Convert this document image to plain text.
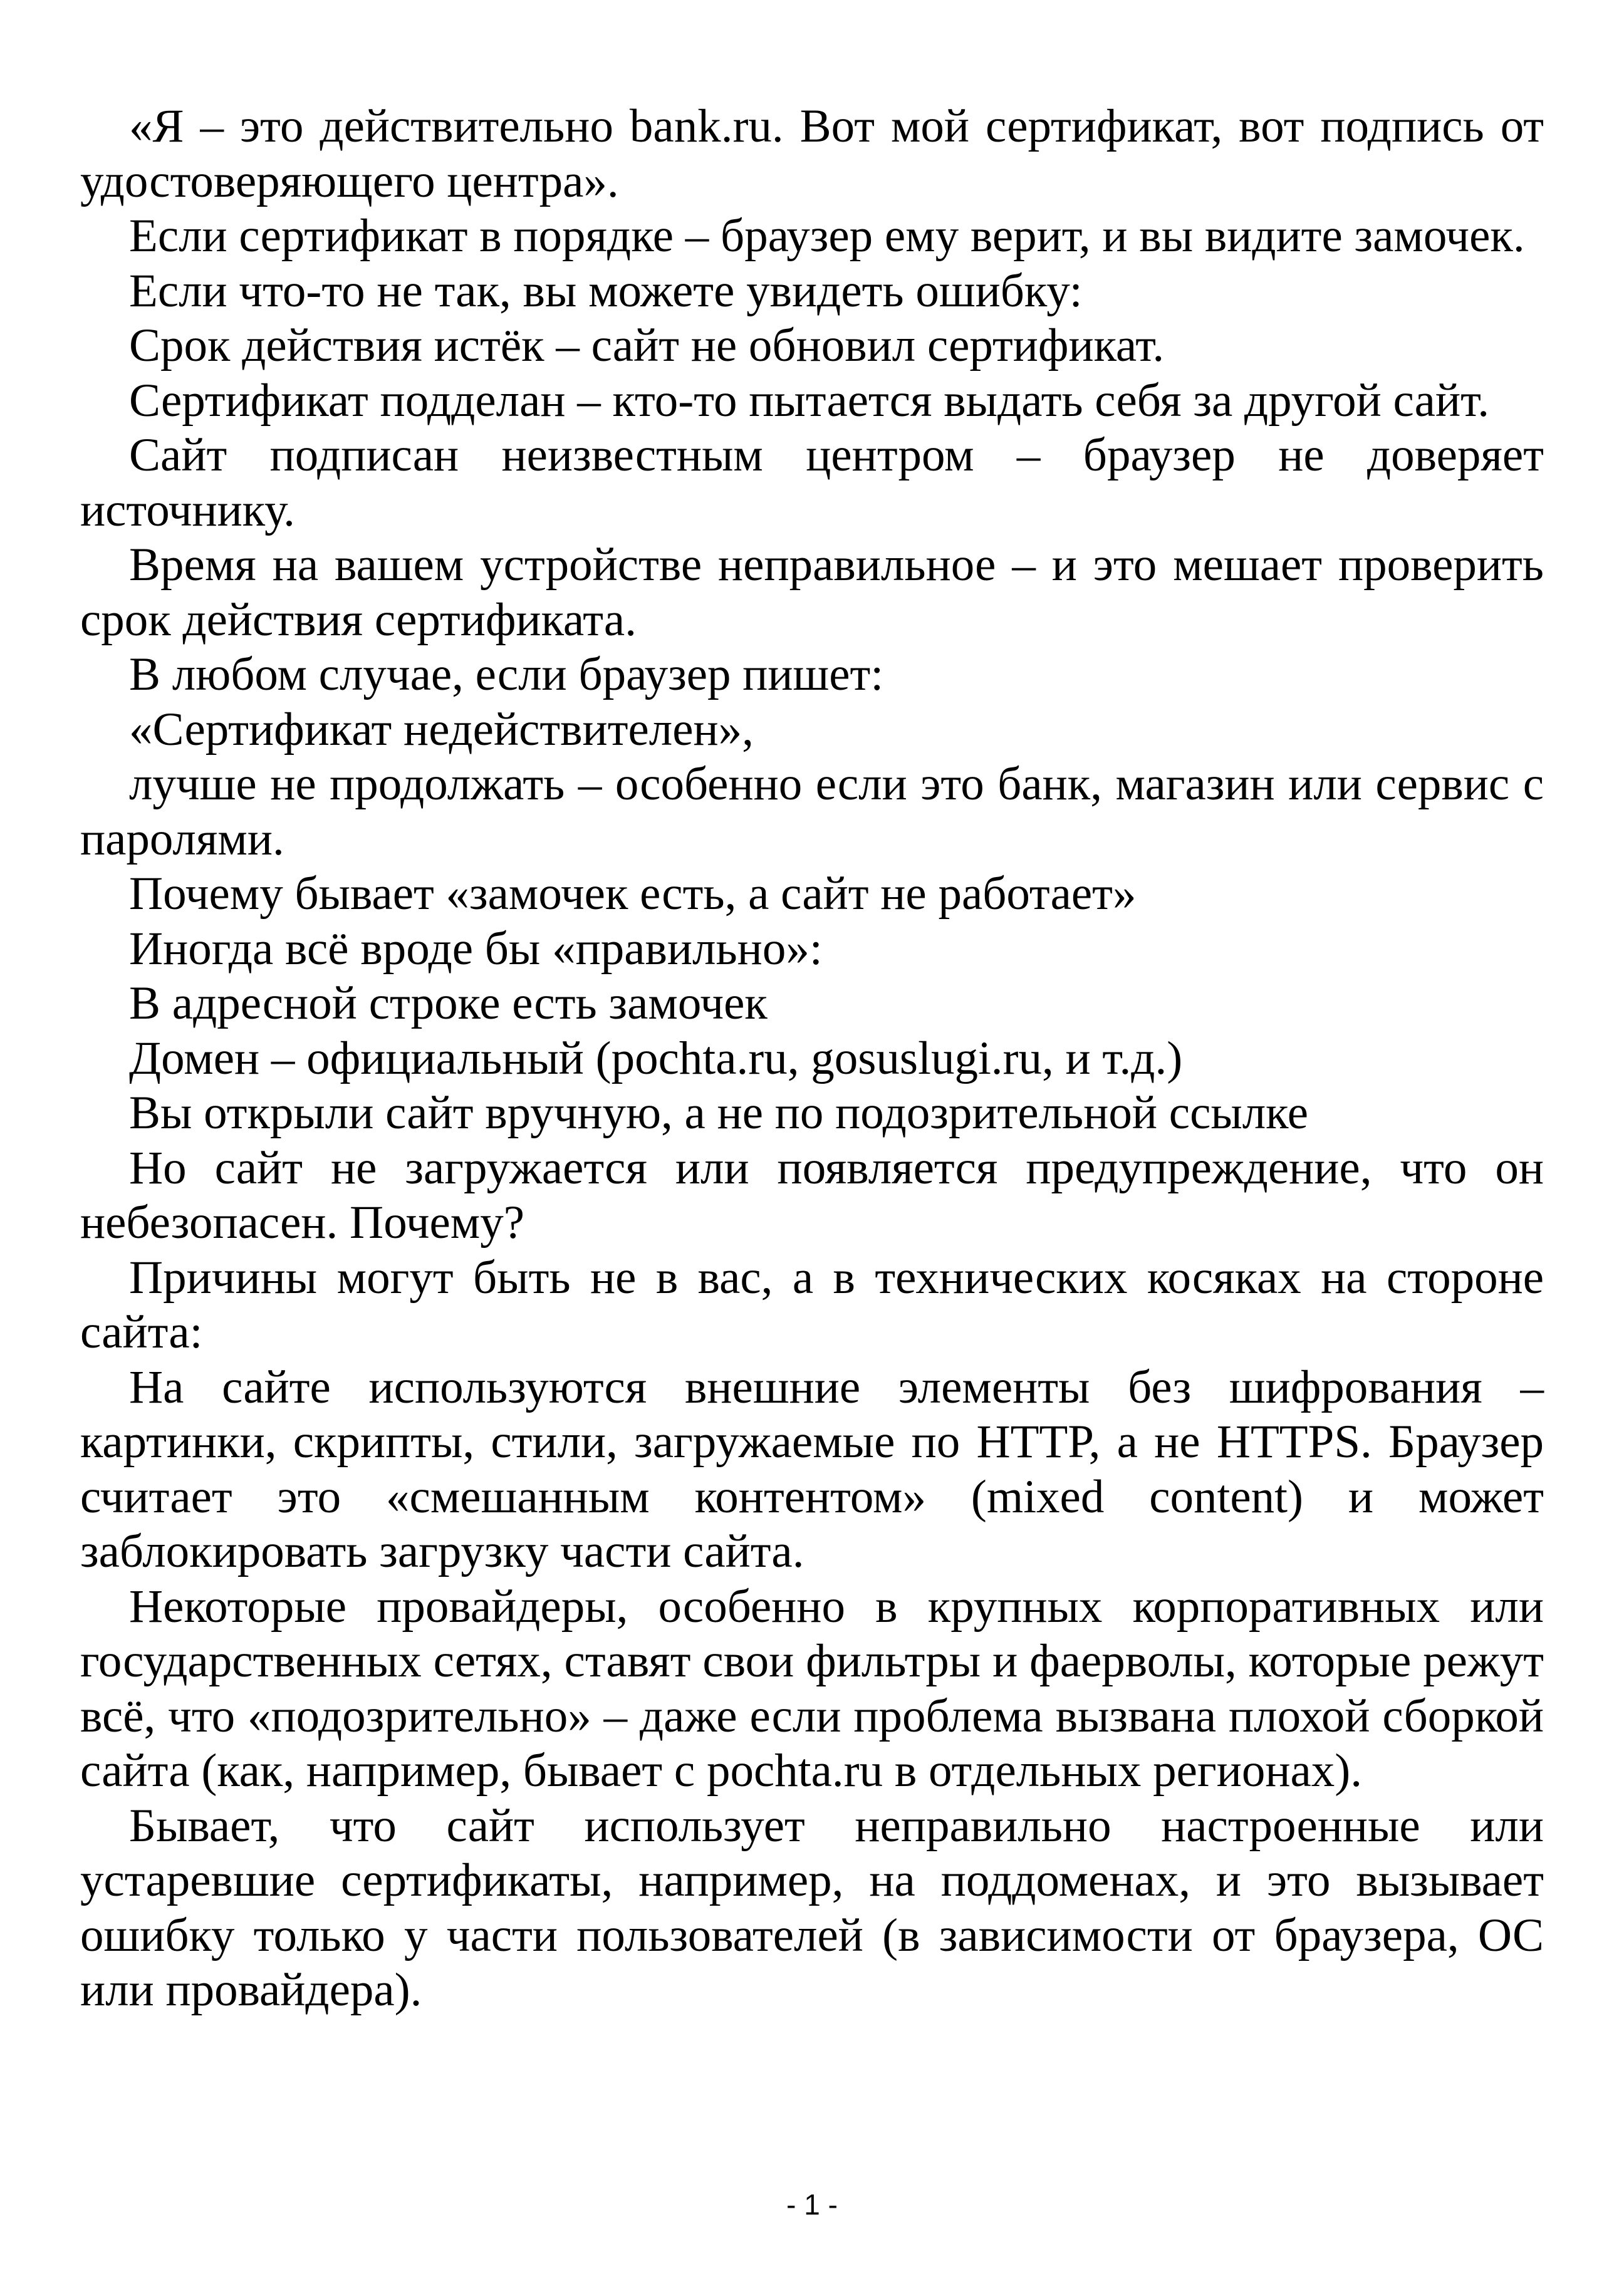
«Я – это действительно bank.ru. Вот мой сертификат, вот подпись от удостоверяющего центра».

Если сертификат в порядке – браузер ему верит, и вы видите замочек.

Если что-то не так, вы можете увидеть ошибку:

Срок действия истёк – сайт не обновил сертификат.

Сертификат подделан – кто-то пытается выдать себя за другой сайт.

Сайт подписан неизвестным центром – браузер не доверяет источнику.

Время на вашем устройстве неправильное – и это мешает проверить срок действия сертификата.

В любом случае, если браузер пишет:

«Сертификат недействителен»,

лучше не продолжать – особенно если это банк, магазин или сервис с паролями.

Почему бывает «замочек есть, а сайт не работает»

Иногда всё вроде бы «правильно»:

В адресной строке есть замочек

Домен – официальный (pochta.ru, gosuslugi.ru, и т.д.)

Вы открыли сайт вручную, а не по подозрительной ссылке

Но сайт не загружается или появляется предупреждение, что он небезопасен. Почему?

Причины могут быть не в вас, а в технических косяках на стороне сайта:

На сайте используются внешние элементы без шифрования – картинки, скрипты, стили, загружаемые по HTTP, а не HTTPS. Браузер считает это «смешанным контентом» (mixed content) и может заблокировать загрузку части сайта.

Некоторые провайдеры, особенно в крупных корпоративных или государственных сетях, ставят свои фильтры и фаерволы, которые режут всё, что «подозрительно» – даже если проблема вызвана плохой сборкой сайта (как, например, бывает с pochta.ru в отдельных регионах).

Бывает, что сайт использует неправильно настроенные или устаревшие сертификаты, например, на поддоменах, и это вызывает ошибку только у части пользователей (в зависимости от браузера, ОС или провайдера).

- 1 -
